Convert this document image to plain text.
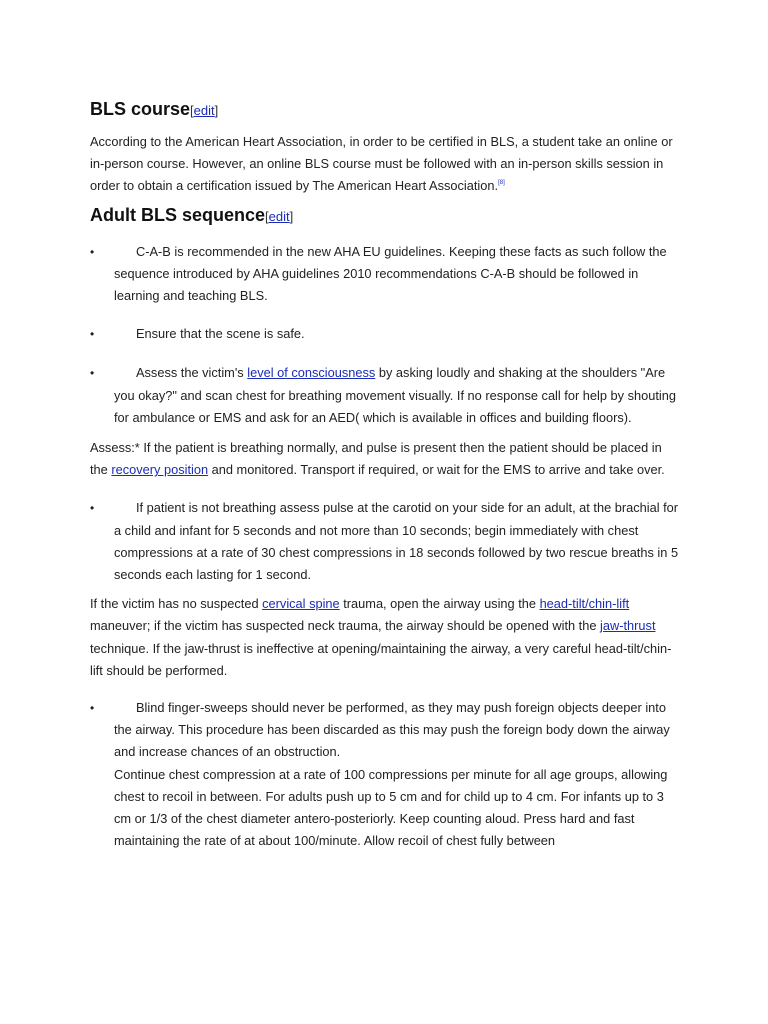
BLS course[edit]

According to the American Heart Association, in order to be certified in BLS, a student take an online or in-person course. However, an online BLS course must be followed with an in-person skills session in order to obtain a certification issued by The American Heart Association.[8]

Adult BLS sequence[edit]
•	C-A-B is recommended in the new AHA EU guidelines. Keeping these facts as such follow the sequence introduced by AHA guidelines 2010 recommendations C-A-B should be followed in learning and teaching BLS.
•	Ensure that the scene is safe.
•	Assess the victim's level of consciousness by asking loudly and shaking at the shoulders "Are you okay?" and scan chest for breathing movement visually. If no response call for help by shouting for ambulance or EMS and ask for an AED( which is available in offices and building floors).

Assess:* If the patient is breathing normally, and pulse is present then the patient should be placed in the recovery position and monitored. Transport if required, or wait for the EMS to arrive and take over.

•	If patient is not breathing assess pulse at the carotid on your side for an adult, at the brachial for a child and infant for 5 seconds and not more than 10 seconds; begin immediately with chest compressions at a rate of 30 chest compressions in 18 seconds followed by two rescue breaths in 5 seconds each lasting for 1 second.

If the victim has no suspected cervical spine trauma, open the airway using the head-tilt/chin-lift maneuver; if the victim has suspected neck trauma, the airway should be opened with the jaw-thrust technique. If the jaw-thrust is ineffective at opening/maintaining the airway, a very careful head-tilt/chin-lift should be performed.

•	Blind finger-sweeps should never be performed, as they may push foreign objects deeper into the airway. This procedure has been discarded as this may push the foreign body down the airway and increase chances of an obstruction.
Continue chest compression at a rate of 100 compressions per minute for all age groups, allowing chest to recoil in between. For adults push up to 5 cm and for child up to 4 cm. For infants up to 3 cm or 1/3 of the chest diameter antero-posteriorly. Keep counting aloud. Press hard and fast maintaining the rate of at about 100/minute. Allow recoil of chest fully between
